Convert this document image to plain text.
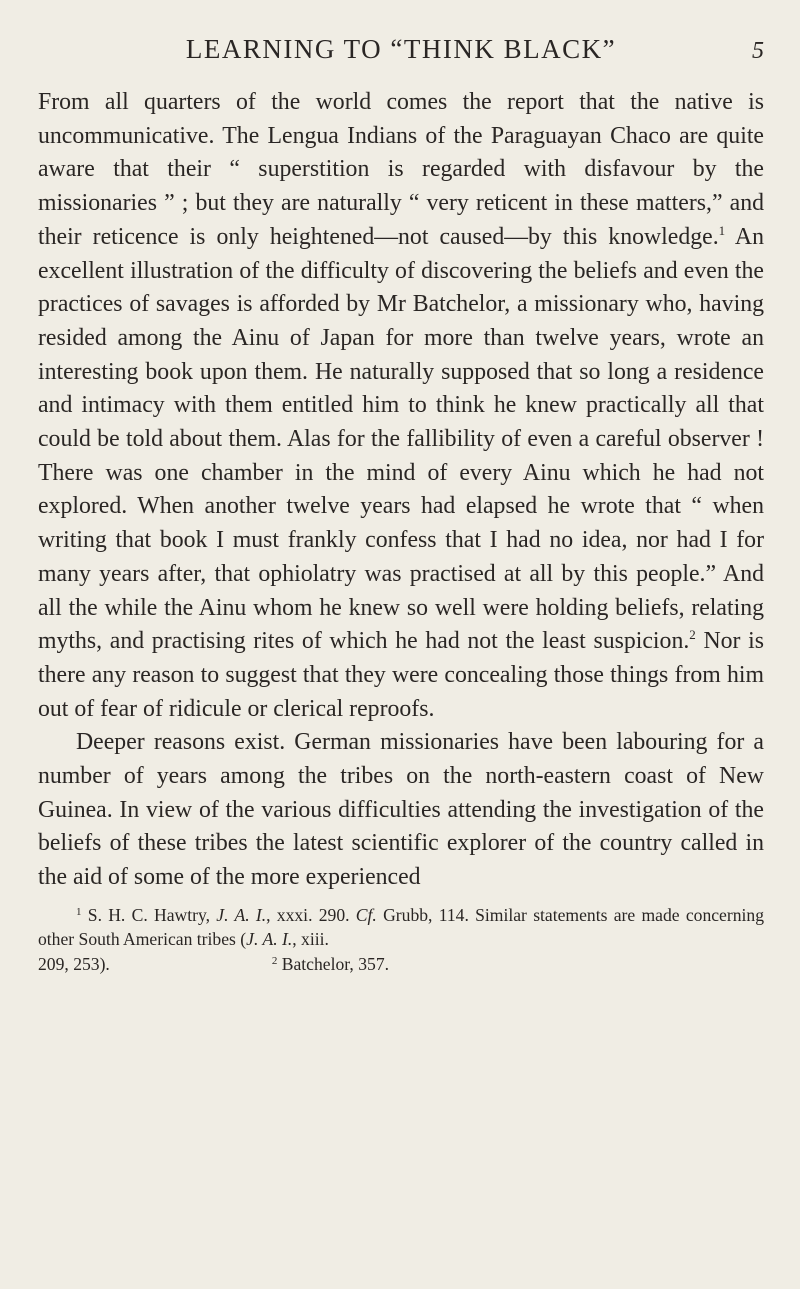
LEARNING TO “THINK BLACK”	5

From all quarters of the world comes the report that the native is uncommunicative. The Lengua Indians of the Paraguayan Chaco are quite aware that their “ superstition is regarded with disfavour by the missionaries ” ; but they are naturally “ very reticent in these matters,” and their reticence is only heightened—not caused—by this knowledge.$^1$ An excellent illustration of the difficulty of discovering the beliefs and even the practices of savages is afforded by Mr Batchelor, a missionary who, having resided among the Ainu of Japan for more than twelve years, wrote an interesting book upon them. He naturally supposed that so long a residence and intimacy with them entitled him to think he knew practically all that could be told about them. Alas for the fallibility of even a careful observer ! There was one chamber in the mind of every Ainu which he had not explored. When another twelve years had elapsed he wrote that “ when writing that book I must frankly confess that I had no idea, nor had I for many years after, that ophiolatry was practised at all by this people.” And all the while the Ainu whom he knew so well were holding beliefs, relating myths, and practising rites of which he had not the least suspicion.$^2$ Nor is there any reason to suggest that they were concealing those things from him out of fear of ridicule or clerical reproofs.

Deeper reasons exist. German missionaries have been labouring for a number of years among the tribes on the north-eastern coast of New Guinea. In view of the various difficulties attending the investigation of the beliefs of these tribes the latest scientific explorer of the country called in the aid of some of the more experienced

$^1$ S. H. C. Hawtry, J. A. I., xxxi. 290. Cf. Grubb, 114. Similar statements are made concerning other South American tribes (J. A. I., xiii.

209, 253).	$^2$ Batchelor, 357.
